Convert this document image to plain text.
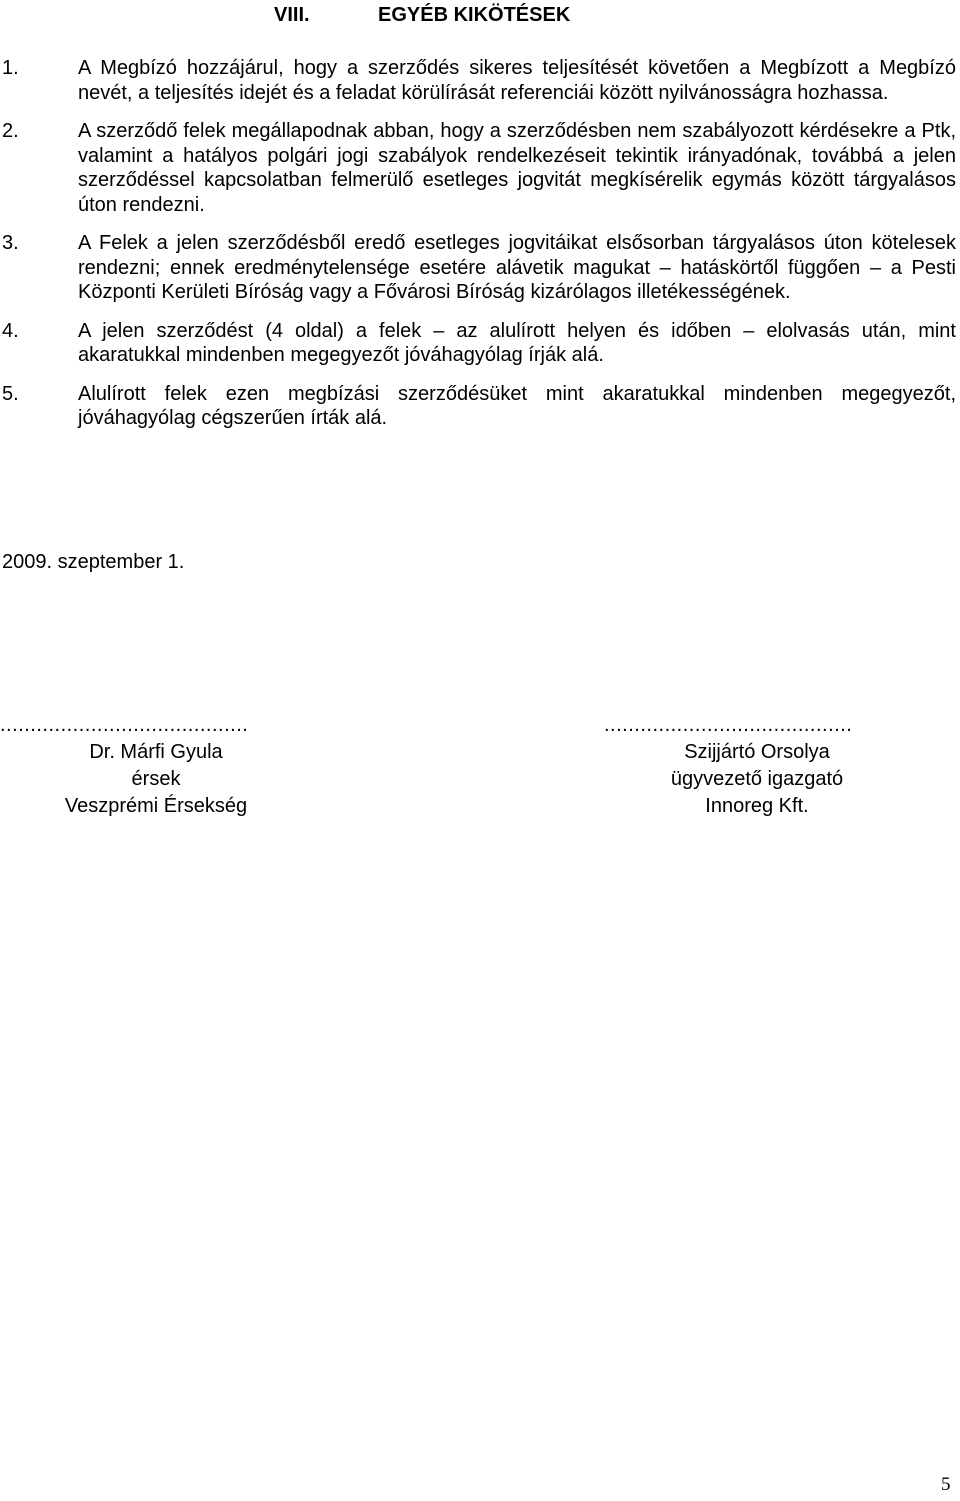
VIII.	EGYÉB KIKÖTÉSEK
1.	A Megbízó hozzájárul, hogy a szerződés sikeres teljesítését követően a Megbízott a Megbízó nevét, a teljesítés idejét és a feladat körülírását referenciái között nyilvánosságra hozhassa.
2.	A szerződő felek megállapodnak abban, hogy a szerződésben nem szabályozott kérdésekre a Ptk, valamint a hatályos polgári jogi szabályok rendelkezéseit tekintik irányadónak, továbbá a jelen szerződéssel kapcsolatban felmerülő esetleges jogvitát megkísérelik egymás között tárgyalásos úton rendezni.
3.	A Felek a jelen szerződésből eredő esetleges jogvitáikat elsősorban tárgyalásos úton kötelesek rendezni; ennek eredménytelensége esetére alávetik magukat – hatáskörtől függően – a Pesti Központi Kerületi Bíróság vagy a Fővárosi Bíróság kizárólagos illetékességének.
4.	A jelen szerződést (4 oldal) a felek – az alulírott helyen és időben – elolvasás után, mint akaratukkal mindenben megegyezőt jóváhagyólag írják alá.
5.	Alulírott felek ezen megbízási szerződésüket mint akaratukkal mindenben megegyezőt, jóváhagyólag cégszerűen írták alá.
2009. szeptember 1.
.........................................
Dr. Márfi Gyula
érsek
Veszprémi Érsekség
.........................................
Szijjártó Orsolya
ügyvezető igazgató
Innoreg Kft.
5
